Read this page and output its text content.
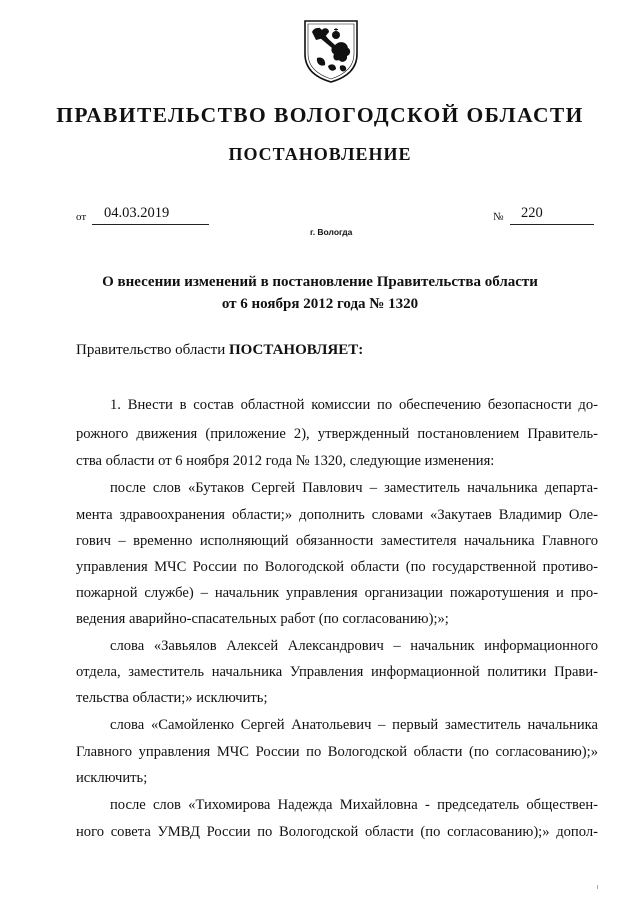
ПРАВИТЕЛЬСТВО ВОЛОГОДСКОЙ ОБЛАСТИ
ПОСТАНОВЛЕНИЕ
от 04.03.2019	№ 220
г. Вологда
О внесении изменений в постановление Правительства области
от 6 ноября 2012 года № 1320
Правительство области ПОСТАНОВЛЯЕТ:
1. Внести в состав областной комиссии по обеспечению безопасности до-
рожного движения (приложение 2), утвержденный постановлением Правитель-
ства области от 6 ноября 2012 года № 1320, следующие изменения:
после слов «Бутаков Сергей Павлович – заместитель начальника департа-
мента здравоохранения области;» дополнить словами «Закутаев Владимир Оле-
гович – временно исполняющий обязанности заместителя начальника Главного
управления МЧС России по Вологодской области (по государственной противо-
пожарной службе) – начальник управления организации пожаротушения и про-
ведения аварийно-спасательных работ (по согласованию);»;
слова «Завьялов Алексей Александрович – начальник информационного
отдела, заместитель начальника Управления информационной политики Прави-
тельства области;» исключить;
слова «Самойленко Сергей Анатольевич – первый заместитель начальника
Главного управления МЧС России по Вологодской области (по согласованию);»
исключить;
после слов «Тихомирова Надежда Михайловна - председатель обществен-
ного совета УМВД России по Вологодской области (по согласованию);» допол-
